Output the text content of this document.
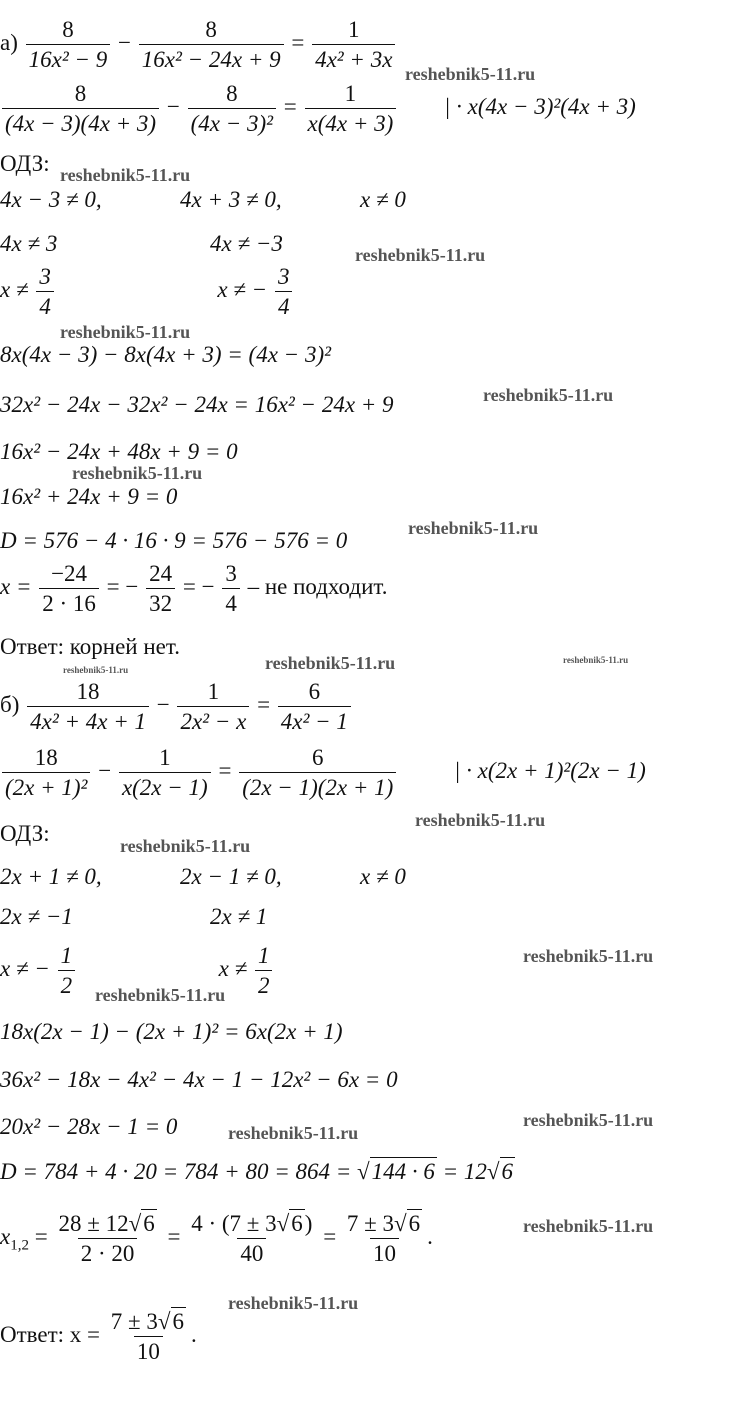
$а) \frac{8}{\text{16x² − 9}} - \frac{8}{\text{16x² − 24x + 9}} = \frac{1}{\text{4x² + 3x}}$
$\frac{8}{(4x - 3)(4x + 3)} - \frac{8}{\text{(4x − 3)²}} = \frac{1}{x(4x + 3)}$ | · x(4x − 3)²(4x + 3)
ОДЗ:
4x − 3 ≠ 0,	4x + 3 ≠ 0,	x ≠ 0
4x ≠ 3	4x ≠ −3
$x \ne \frac{3}{4}$	x ≠ − $\frac{3}{4}$
8x(4x − 3) − 8x(4x + 3) = (4x − 3)²
32x² − 24x − 32x² − 24x = 16x² − 24x + 9
16x² − 24x + 48x + 9 = 0
16x² + 24x + 9 = 0
D = 576 − 4 · 16 · 9 = 576 − 576 = 0
$x = \frac{-24}{2 \cdot 16}$ = − $\frac{24}{32}$ = − $\frac{3}{4}$ – не подходит.
Ответ: корней нет.
$б) \frac{18}{\text{4x² + 4x + 1}} - \frac{1}{\text{2x² − x}} = \frac{6}{\text{4x² − 1}}$
$\frac{18}{\text{(2x + 1)²}} - \frac{1}{x(2x - 1)} = \frac{6}{(2x - 1)(2x + 1)}$	| · x(2x + 1)²(2x − 1)
ОДЗ:
2x + 1 ≠ 0,	2x − 1 ≠ 0,	x ≠ 0
2x ≠ −1	2x ≠ 1
x ≠ − $\frac{1}{2}$	$x \ne \frac{1}{2}$
18x(2x − 1) − (2x + 1)² = 6x(2x + 1)
36x² − 18x − 4x² − 4x − 1 − 12x² − 6x = 0
20x² − 28x − 1 = 0
D = 784 + 4 · 20 = 784 + 80 = 864 = √144 · 6 = 12√6
$x_{1,2} = \frac{28 \pm 12√6}{2 \cdot 20} = \frac{4 \cdot (7 \pm 3√6)}{40} = \frac{7 \pm 3√6}{10}$ .
Ответ: $x = \frac{7 \pm 3√6}{10}$ .
reshebnik5-11.ru
reshebnik5-11.ru
reshebnik5-11.ru
reshebnik5-11.ru
reshebnik5-11.ru
reshebnik5-11.ru
reshebnik5-11.ru
reshebnik5-11.ru	reshebnik5-11.ru	reshebnik5-11.ru
reshebnik5-11.ru
reshebnik5-11.ru
reshebnik5-11.ru
reshebnik5-11.ru
reshebnik5-11.ru
reshebnik5-11.ru
reshebnik5-11.ru
reshebnik5-11.ru
